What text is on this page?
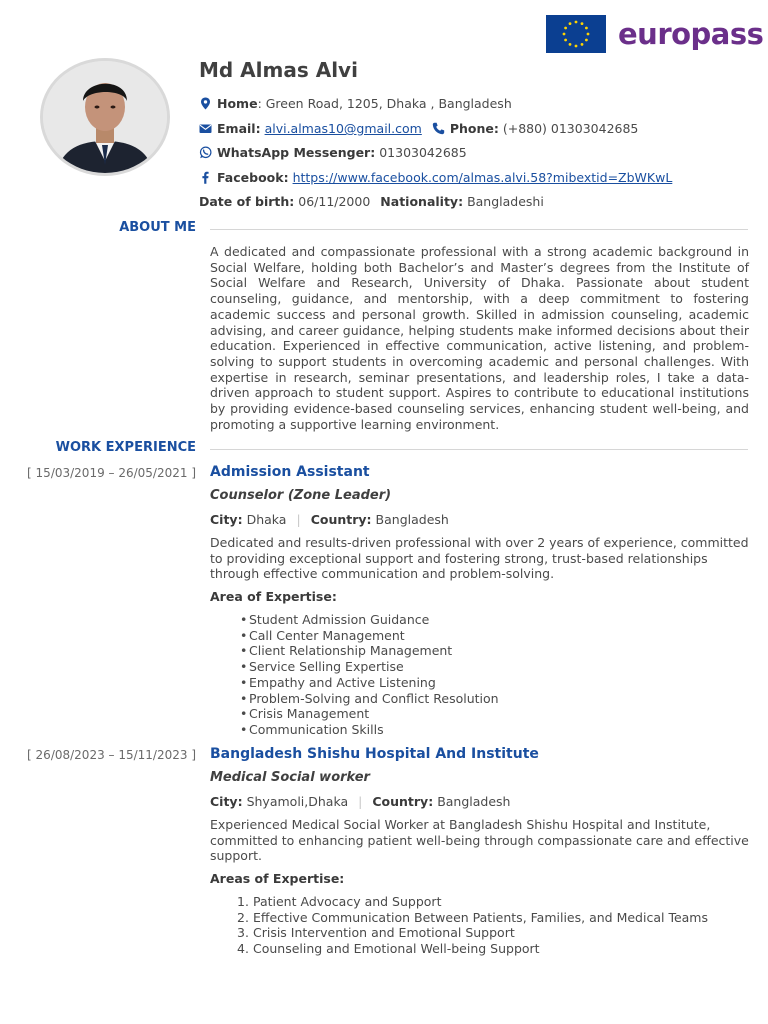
europass
Md Almas Alvi
Home : Green Road, 1205, Dhaka , Bangladesh
Email:
alvi.almas10@gmail.com Phone:
(+880) 01303042685
WhatsApp Messenger:
01303042685
Facebook:
https://www.facebook.com/almas.alvi.58?mibextid=ZbWKwL
Date of birth:
06/11/2000 Nationality:
Bangladeshi
ABOUT ME
A dedicated and compassionate professional with a strong academic background in Social Welfare, holding both Bachelor’s and Master’s degrees from the Institute of Social Welfare and Research, University of Dhaka. Passionate about student counseling, guidance, and mentorship, with a deep commitment to fostering academic success and personal growth. Skilled in admission counseling, academic advising, and career guidance, helping students make informed decisions about their education. Experienced in effective communication, active listening, and problem-solving to support students in overcoming academic and personal challenges. With expertise in research, seminar presentations, and leadership roles, I take a data-driven approach to student support. Aspires to contribute to educational institutions by providing evidence-based counseling services, enhancing student well-being, and promoting a supportive learning environment.
WORK EXPERIENCE
[ 15/03/2019 – 26/05/2021 ] Admission Assistant
Counselor (Zone Leader)
City: Dhaka | Country: Bangladesh
Dedicated and results-driven professional with over 2 years of experience, committed to providing exceptional support and fostering strong, trust-based relationships through effective communication and problem-solving.
Area of Expertise:
• Student Admission Guidance
• Call Center Management
• Client Relationship Management
• Service Selling Expertise
• Empathy and Active Listening
• Problem-Solving and Conflict Resolution
• Crisis Management
• Communication Skills
[ 26/08/2023 – 15/11/2023 ] Bangladesh Shishu Hospital And Institute
Medical Social worker
City: Shyamoli,Dhaka | Country: Bangladesh
Experienced Medical Social Worker at Bangladesh Shishu Hospital and Institute, committed to enhancing patient well-being through compassionate care and effective support.
Areas of Expertise:
1. Patient Advocacy and Support
2. Effective Communication Between Patients, Families, and Medical Teams
3. Crisis Intervention and Emotional Support
4. Counseling and Emotional Well-being Support
